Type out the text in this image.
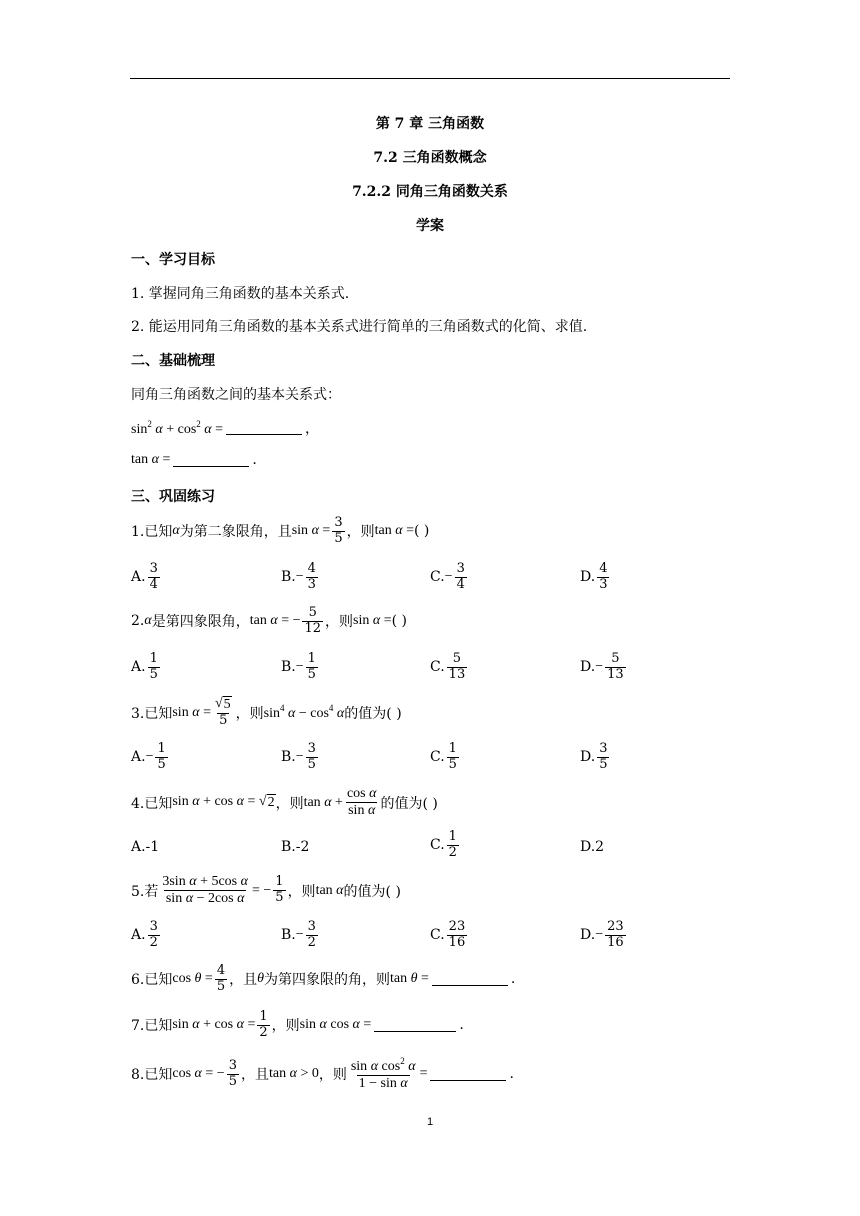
第 7 章 三角函数
7.2 三角函数概念
7.2.2 同角三角函数关系
学案
一、学习目标
1. 掌握同角三角函数的基本关系式.
2. 能运用同角三角函数的基本关系式进行简单的三角函数式的化简、求值.
二、基础梳理
同角三角函数之间的基本关系式：
$\sin^2 \alpha + \cos^2 \alpha$ =	，
tan α =	.
三、巩固练习
1.已知 α 为第二象限角，且 $\sin \alpha = \frac{3}{5}$ ，则 tan α = ( )
A. $\frac{3}{4}$	B. − $\frac{4}{3}$	C. − $\frac{3}{4}$	D. $\frac{4}{3}$
2. α 是第四象限角， tan α = − $\frac{5}{12}$ ，则 sin α = ( )
A. $\frac{1}{5}$	B. − $\frac{1}{5}$	C. $\frac{5}{13}$	D. − $\frac{5}{13}$
3.已知 $\sin \alpha = \frac{√ 5}{5}$ ，则 $\sin^4 \alpha - \cos^4 \alpha$ 的值为( )
A. − $\frac{1}{5}$	B. − $\frac{3}{5}$	C. $\frac{1}{5}$	D. $\frac{3}{5}$
4.已知 sin α + cos α = √ 2 ，则 $\tan \alpha + \frac{\text{cos α}}{\text{sin α}}$ 的值为( )
A.-1	B.-2	C. $\frac{1}{2}$	D.2
5.若 $\frac{\text{3sin α + 5cos α}}{\text{sin α − 2cos α}}$ = − $\frac{1}{5}$ ，则 tan α 的值为( )
A. $\frac{3}{2}$	B. − $\frac{3}{2}$	C. $\frac{23}{16}$	D. − $\frac{23}{16}$
6.已知 $\cos \theta = \frac{4}{5}$ ，且 θ 为第四象限的角，则 tan θ =	.
7.已知 $\sin \alpha + \cos \alpha = \frac{1}{2}$ ，则 sin α cos α =	.
8.已知 cos α = − $\frac{3}{5}$ ，且 tan α > 0 ，则 $\frac{\sin \alpha \cos^2 \alpha}{\text{1 − sin α}}$ =	.
1
